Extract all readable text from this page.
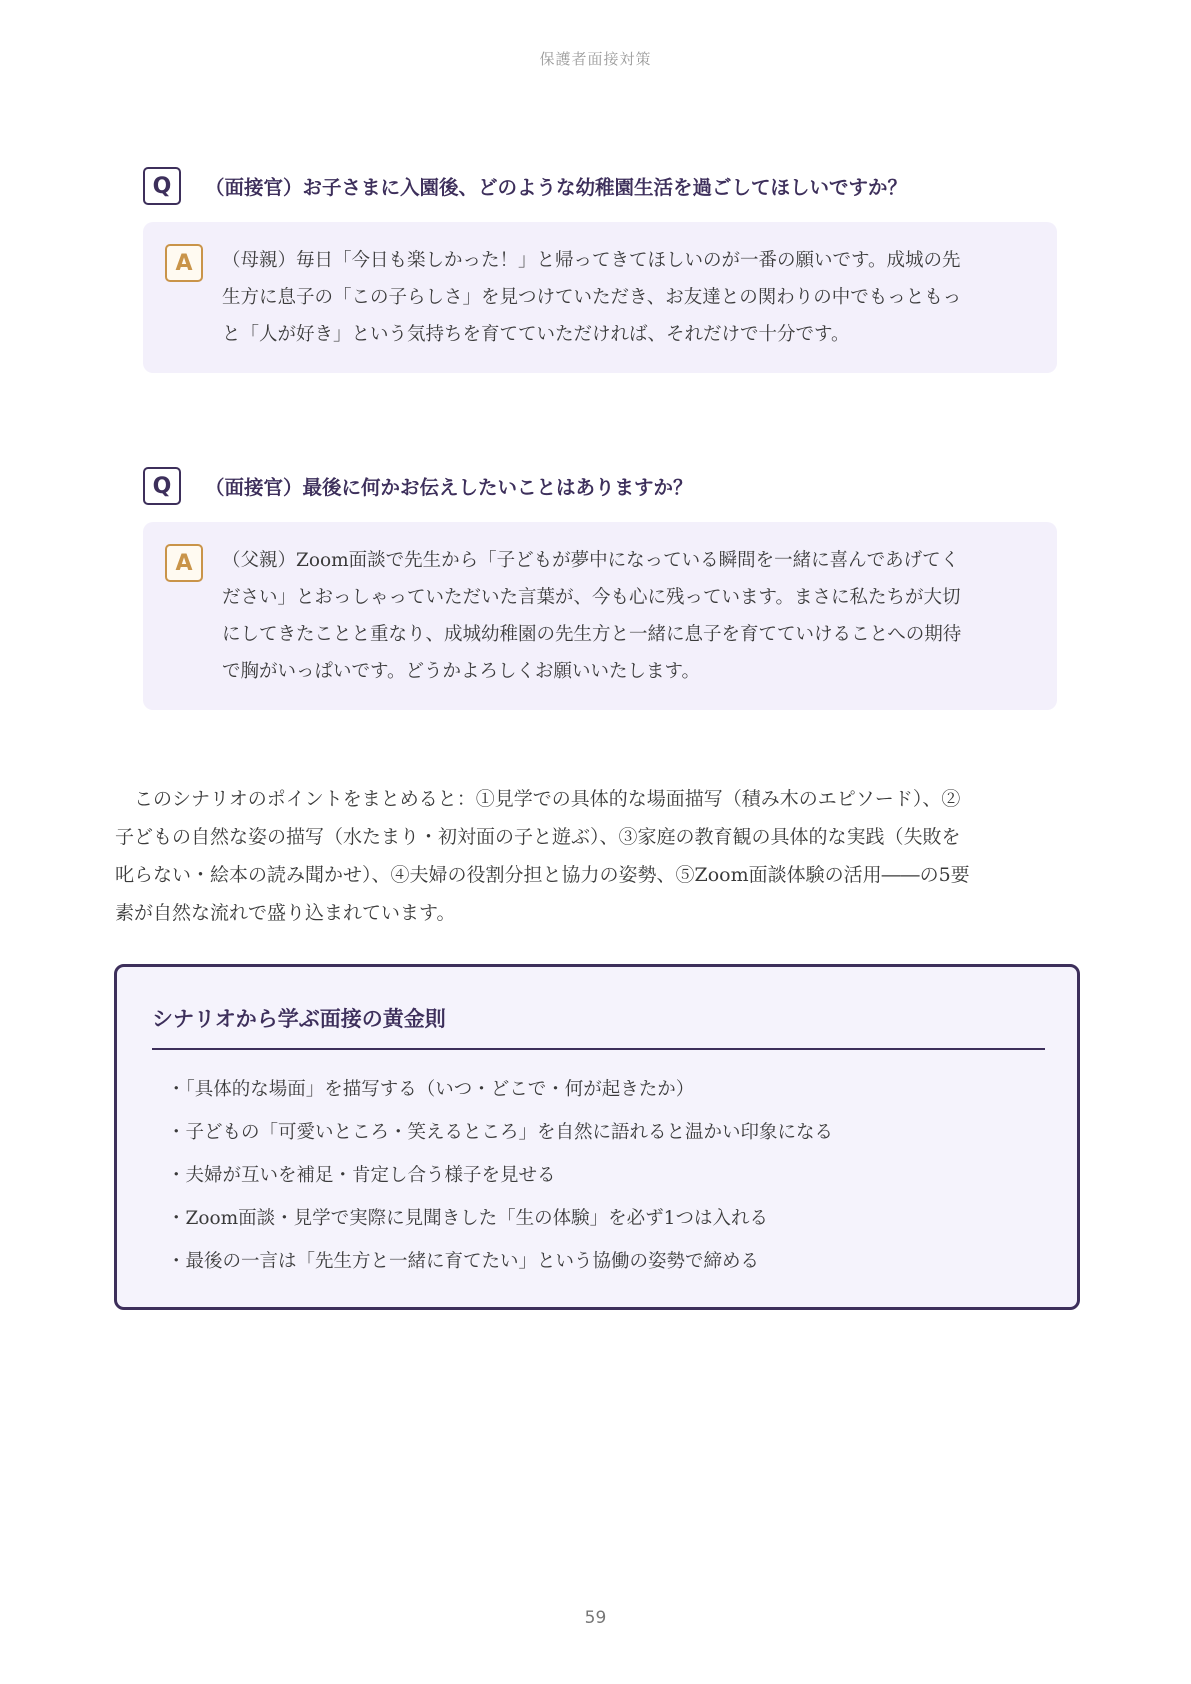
保護者面接対策
Q	（面接官）お子さまに入園後、どのような幼稚園生活を過ごしてほしいですか？
A	（母親）毎日「今日も楽しかった！」と帰ってきてほしいのが一番の願いです。成城の先
生方に息子の「この子らしさ」を見つけていただき、お友達との関わりの中でもっともっ
と「人が好き」という気持ちを育てていただければ、それだけで十分です。
Q	（面接官）最後に何かお伝えしたいことはありますか？
A	（父親）Zoom面談で先生から「子どもが夢中になっている瞬間を一緒に喜んであげてく
ださい」とおっしゃっていただいた言葉が、今も心に残っています。まさに私たちが大切
にしてきたことと重なり、成城幼稚園の先生方と一緒に息子を育てていけることへの期待
で胸がいっぱいです。どうかよろしくお願いいたします。
　このシナリオのポイントをまとめると：①見学での具体的な場面描写（積み木のエピソード）、②
子どもの自然な姿の描写（水たまり・初対面の子と遊ぶ）、③家庭の教育観の具体的な実践（失敗を
叱らない・絵本の読み聞かせ）、④夫婦の役割分担と協力の姿勢、⑤Zoom面談体験の活用――の5要
素が自然な流れで盛り込まれています。
シナリオから学ぶ面接の黄金則
・「具体的な場面」を描写する（いつ・どこで・何が起きたか）
・子どもの「可愛いところ・笑えるところ」を自然に語れると温かい印象になる
・夫婦が互いを補足・肯定し合う様子を見せる
・Zoom面談・見学で実際に見聞きした「生の体験」を必ず1つは入れる
・最後の一言は「先生方と一緒に育てたい」という協働の姿勢で締める
59
